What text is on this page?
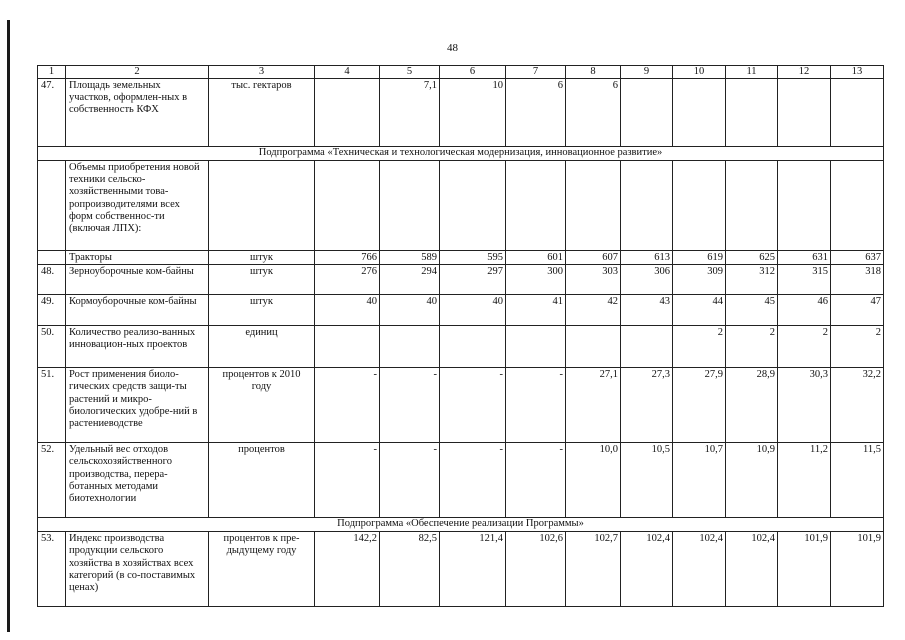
48
1	2	3	4	5	6	7	8	9	10	11	12	13
47.	Площадь земельных участков, оформлен-ных в собственность КФХ	тыс. гектаров		7,1	10	6	6					
Подпрограмма «Техническая и технологическая модернизация, инновационное развитие»												
	Объемы приобретения новой техники сельско-хозяйственными това-ропроизводителями всех форм собственнос-ти (включая ЛПХ):											
	Тракторы	штук	766	589	595	601	607	613	619	625	631	637
48.	Зерноуборочные ком-байны	штук	276	294	297	300	303	306	309	312	315	318
49.	Кормоуборочные ком-байны	штук	40	40	40	41	42	43	44	45	46	47
50.	Количество реализо-ванных инновацион-ных проектов	единиц							2	2	2	2
51.	Рост применения биоло-гических средств защи-ты растений и микро-биологических удобре-ний в растениеводстве	процентов к 2010 году	-	-	-	-	27,1	27,3	27,9	28,9	30,3	32,2
52.	Удельный вес отходов сельскохозяйственного производства, перера-ботанных методами биотехнологии	процентов	-	-	-	-	10,0	10,5	10,7	10,9	11,2	11,5
Подпрограмма «Обеспечение реализации Программы»												
53.	Индекс производства продукции сельского хозяйства в хозяйствах всех категорий (в со-поставимых ценах)	процентов к пре-дыдущему году	142,2	82,5	121,4	102,6	102,7	102,4	102,4	102,4	101,9	101,9
